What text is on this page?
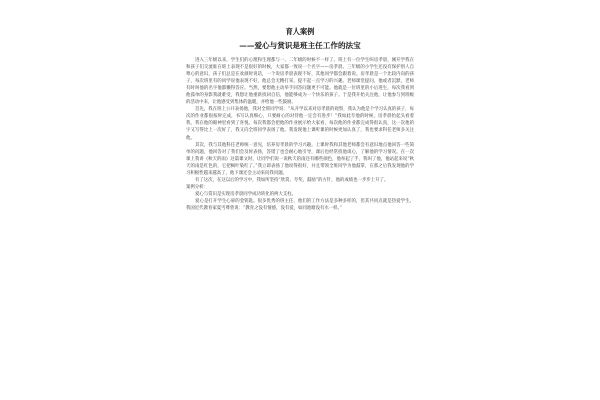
育人案例
——爱心与赏识是班主任工作的法宝

进入三年级以来，学生们的心理和生理都与一、二年级的时候不一样了。班上有一位学生叫房孝晨，刚开学我在和孩子们交流谁在班上表现不是很好的时候，大家都一致说一个名字——房孝晨。三年级的小学生还没有保护别人自尊心的意识，孩子们总是在欢颜时说话，一个说房孝晨表现不好，其他同学都会跟着说。房孝晨是一个比较内向的孩子，每次班里有的同学说他表现不好，他总会无精打采，提不起一点学习的兴趣。老师课堂提问，他或者沉默，老师有时叫他的名字他都懒得答应。当然，要想他主动举手回答问题更不可能。他就是一位班里的小后进生，每次我看到他孤单的身影我就难受，我想让他重新找回自信，他能够成为一个快乐的孩子。于是我开始关注他，让他参与到班级的活动中来，让他感受到集体的温暖，并给他一些鼓励。

首先，我在班上公开表扬他，我对全班同学说：“从开学以来对房孝晨的观察，我认为他是个学习认真的孩子，每次的作业都很按时完成，书写认真细心，只要耐心的对待他一定会有进步！”我如此夸他的时候，房孝晨抬起头看着我，我在他的眼神里看到了喜悦。每次我都会把他的作业展示给大家看，每次他的作业都完成得很认真，这一次他的字又写得比上一次好了，我又向全班同学表扬了他。我发现他上课听课的时候更加认真了，我也要求科任老师多关注他。

其次，我与其他科任老师统一意见，培养房孝晨的学习兴趣。上课时我和其他老师都会有意识地点他回答一些简单的问题，他回答对了我们会及时表扬，答错了也会耐心地引导，课后也经常找他谈心，了解他的学习情况。在一次课上我讲《秋天的雨》这篇课文时，让同学们说一说秋天的雨还有哪些颜色，他举起了手，我叫了他，他站起来说“秋天的雨是红色的，它把枫叶染红了。”我立即表扬了他说得很好，并且带领全班同学为他鼓掌，在那之后我发现他的学习积极性越来越高了，他下课还会主动来问我问题。

有了这次，在这以后的学习中，我如所坚持“欣赏、夸奖、鼓励”的方针，他的成绩也一步步上升了。

案例分析：

爱心与赏识是实现房孝晨同学成功转化的两大支柱。

爱心是打开学生心扉的金钥匙。很多优秀的班主任，他们的工作方法是多种多样的，但其共同点就是热爱学生。我国近代教育家夏丐尊曾说：“教育之没有情感，没有爱，如同池塘没有水一样。”
